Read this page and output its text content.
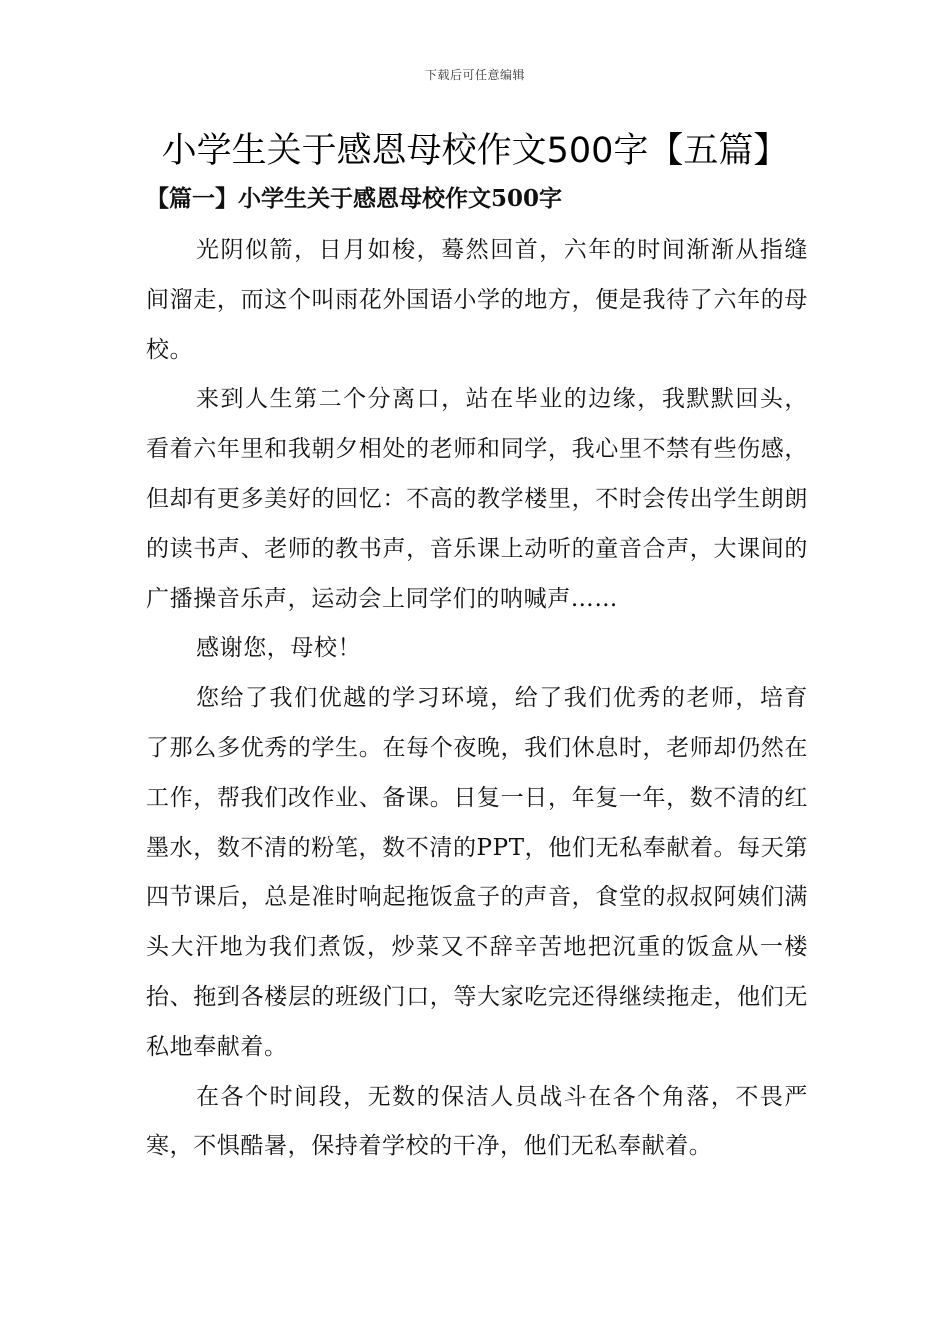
下载后可任意编辑
小学生关于感恩母校作文500字【五篇】
【篇一】小学生关于感恩母校作文500字

光阴似箭，日月如梭，蓦然回首，六年的时间渐渐从指缝间溜走，而这个叫雨花外国语小学的地方，便是我待了六年的母校。

来到人生第二个分离口，站在毕业的边缘，我默默回头，看着六年里和我朝夕相处的老师和同学，我心里不禁有些伤感，但却有更多美好的回忆：不高的教学楼里，不时会传出学生朗朗的读书声、老师的教书声，音乐课上动听的童音合声，大课间的广播操音乐声，运动会上同学们的呐喊声……

感谢您，母校！

您给了我们优越的学习环境，给了我们优秀的老师，培育了那么多优秀的学生。在每个夜晚，我们休息时，老师却仍然在工作，帮我们改作业、备课。日复一日，年复一年，数不清的红墨水，数不清的粉笔，数不清的PPT，他们无私奉献着。每天第四节课后，总是准时响起拖饭盒子的声音，食堂的叔叔阿姨们满头大汗地为我们煮饭，炒菜又不辞辛苦地把沉重的饭盒从一楼抬、拖到各楼层的班级门口，等大家吃完还得继续拖走，他们无私地奉献着。

在各个时间段，无数的保洁人员战斗在各个角落，不畏严寒，不惧酷暑，保持着学校的干净，他们无私奉献着。
